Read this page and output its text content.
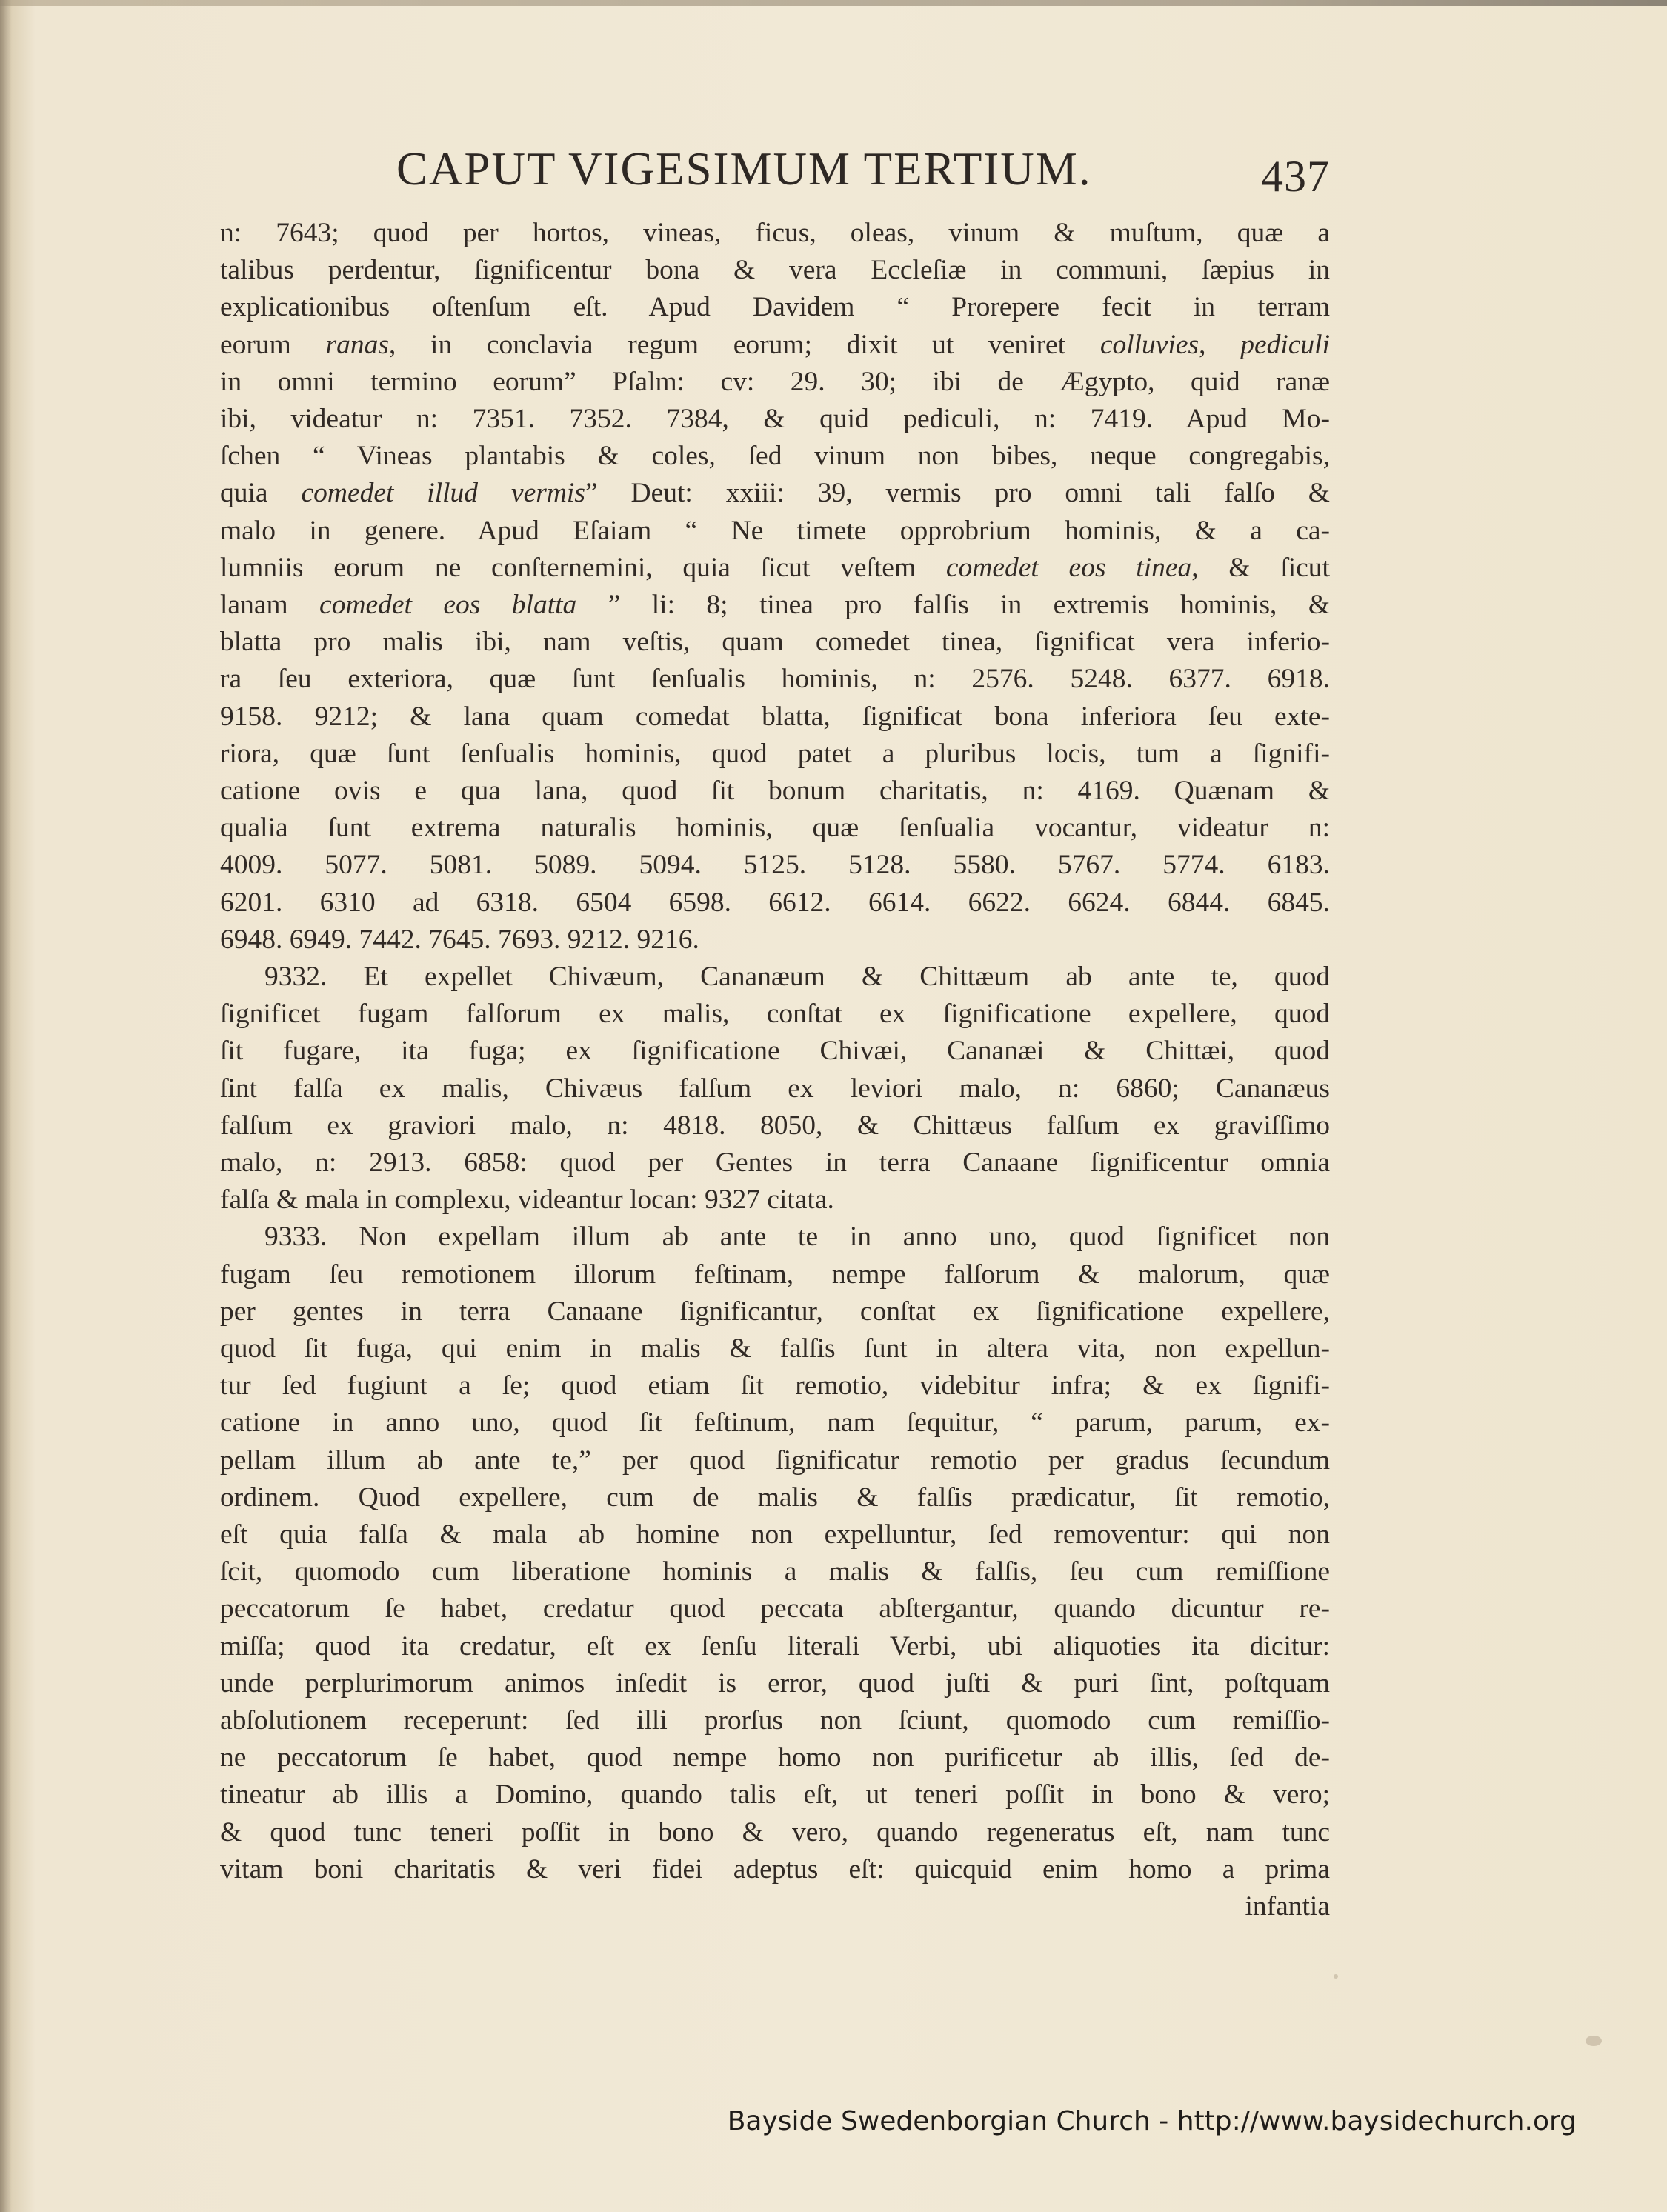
CAPUT VIGESIMUM TERTIUM.	437
n: 7643; quod per hortos, vineas, ficus, oleas, vinum & muſtum, quæ a
talibus perdentur, ſignificentur bona & vera Eccleſiæ in communi, ſæpius in
explicationibus oſtenſum eſt. Apud Davidem “ Prorepere fecit in terram
eorum ranas, in conclavia regum eorum; dixit ut veniret colluvies, pediculi
in omni termino eorum” Pſalm: cv: 29. 30; ibi de Ægypto, quid ranæ
ibi, videatur n: 7351. 7352. 7384, & quid pediculi, n: 7419. Apud Mo-
ſchen “ Vineas plantabis & coles, ſed vinum non bibes, neque congregabis,
quia comedet illud vermis” Deut: xxiii: 39, vermis pro omni tali falſo &
malo in genere. Apud Eſaiam “ Ne timete opprobrium hominis, & a ca-
lumniis eorum ne conſternemini, quia ſicut veſtem comedet eos tinea, & ſicut
lanam comedet eos blatta ” li: 8; tinea pro falſis in extremis hominis, &
blatta pro malis ibi, nam veſtis, quam comedet tinea, ſignificat vera inferio-
ra ſeu exteriora, quæ ſunt ſenſualis hominis, n: 2576. 5248. 6377. 6918.
9158. 9212; & lana quam comedat blatta, ſignificat bona inferiora ſeu exte-
riora, quæ ſunt ſenſualis hominis, quod patet a pluribus locis, tum a ſignifi-
catione ovis e qua lana, quod ſit bonum charitatis, n: 4169. Quænam &
qualia ſunt extrema naturalis hominis, quæ ſenſualia vocantur, videatur n:
4009. 5077. 5081. 5089. 5094. 5125. 5128. 5580. 5767. 5774. 6183.
6201. 6310 ad 6318. 6504 6598. 6612. 6614. 6622. 6624. 6844. 6845.
6948. 6949. 7442. 7645. 7693. 9212. 9216.
9332. Et expellet Chivæum, Cananæum & Chittæum ab ante te, quod
ſignificet fugam falſorum ex malis, conſtat ex ſignificatione expellere, quod
ſit fugare, ita fuga; ex ſignificatione Chivæi, Cananæi & Chittæi, quod
ſint falſa ex malis, Chivæus falſum ex leviori malo, n: 6860; Cananæus
falſum ex graviori malo, n: 4818. 8050, & Chittæus falſum ex graviſſimo
malo, n: 2913. 6858: quod per Gentes in terra Canaane ſignificentur omnia
falſa & mala in complexu, videantur locan: 9327 citata.
9333. Non expellam illum ab ante te in anno uno, quod ſignificet non
fugam ſeu remotionem illorum feſtinam, nempe falſorum & malorum, quæ
per gentes in terra Canaane ſignificantur, conſtat ex ſignificatione expellere,
quod ſit fuga, qui enim in malis & falſis ſunt in altera vita, non expellun-
tur ſed fugiunt a ſe; quod etiam ſit remotio, videbitur infra; & ex ſignifi-
catione in anno uno, quod ſit feſtinum, nam ſequitur, “ parum, parum, ex-
pellam illum ab ante te,” per quod ſignificatur remotio per gradus ſecundum
ordinem. Quod expellere, cum de malis & falſis prædicatur, ſit remotio,
eſt quia falſa & mala ab homine non expelluntur, ſed removentur: qui non
ſcit, quomodo cum liberatione hominis a malis & falſis, ſeu cum remiſſione
peccatorum ſe habet, credatur quod peccata abſtergantur, quando dicuntur re-
miſſa; quod ita credatur, eſt ex ſenſu literali Verbi, ubi aliquoties ita dicitur:
unde perplurimorum animos inſedit is error, quod juſti & puri ſint, poſtquam
abſolutionem receperunt: ſed illi prorſus non ſciunt, quomodo cum remiſſio-
ne peccatorum ſe habet, quod nempe homo non purificetur ab illis, ſed de-
tineatur ab illis a Domino, quando talis eſt, ut teneri poſſit in bono & vero;
& quod tunc teneri poſſit in bono & vero, quando regeneratus eſt, nam tunc
vitam boni charitatis & veri fidei adeptus eſt: quicquid enim homo a prima
infantia
Bayside Swedenborgian Church - http://www.baysidechurch.org
